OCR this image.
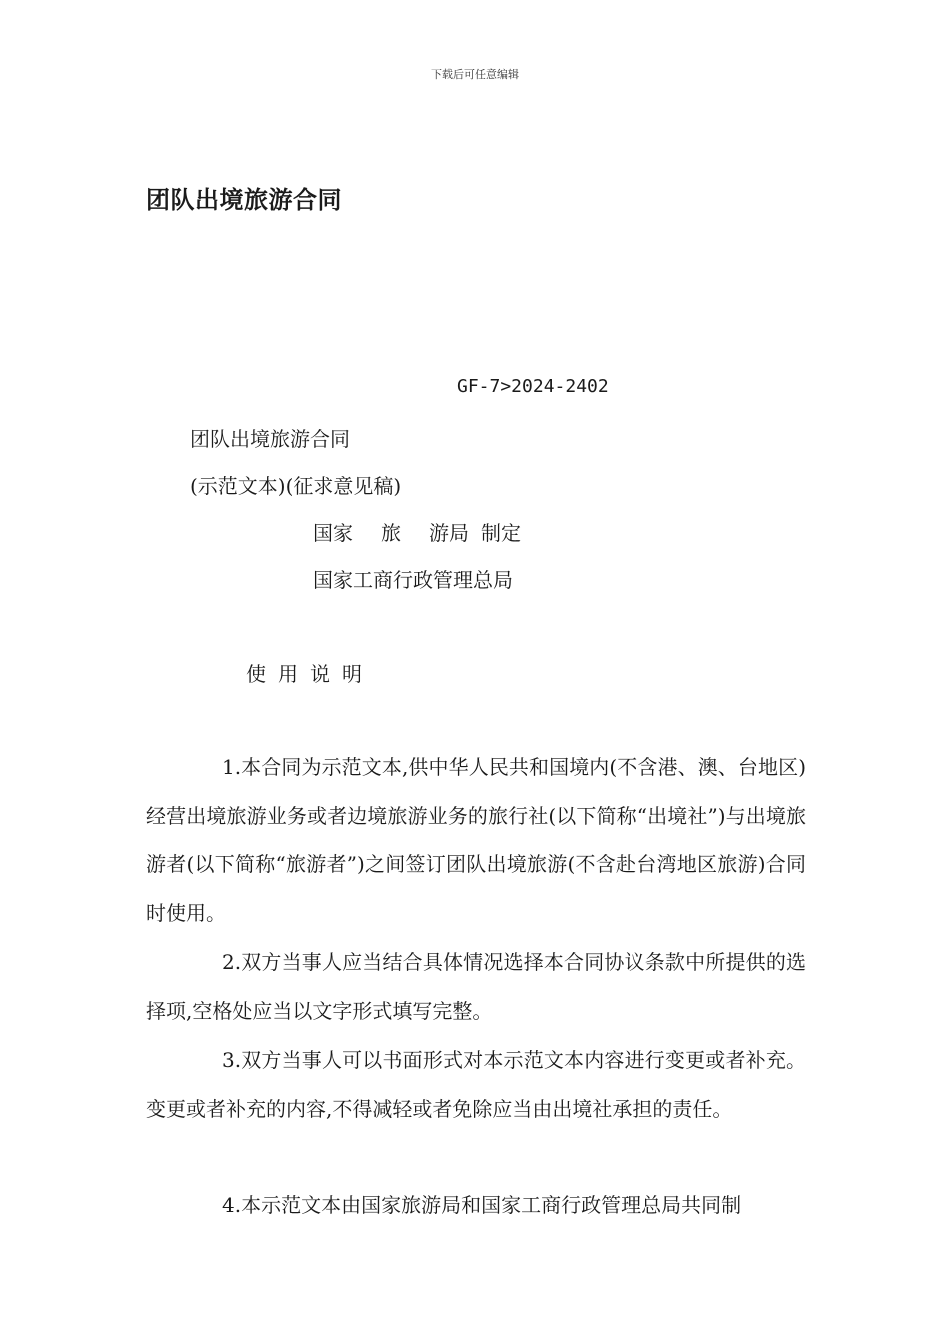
下载后可任意编辑
团队出境旅游合同
GF-7>2024-2402
团队出境旅游合同
(示范文本)(征求意见稿)
国家 旅 游局 制定
国家工商行政管理总局
使用说明

1.本合同为示范文本,供中华人民共和国境内(不含港、澳、台地区)经营出境旅游业务或者边境旅游业务的旅行社(以下简称“出境社”)与出境旅游者(以下简称“旅游者”)之间签订团队出境旅游(不含赴台湾地区旅游)合同时使用。

2.双方当事人应当结合具体情况选择本合同协议条款中所提供的选择项,空格处应当以文字形式填写完整。

3.双方当事人可以书面形式对本示范文本内容进行变更或者补充。变更或者补充的内容,不得减轻或者免除应当由出境社承担的责任。

4.本示范文本由国家旅游局和国家工商行政管理总局共同制
